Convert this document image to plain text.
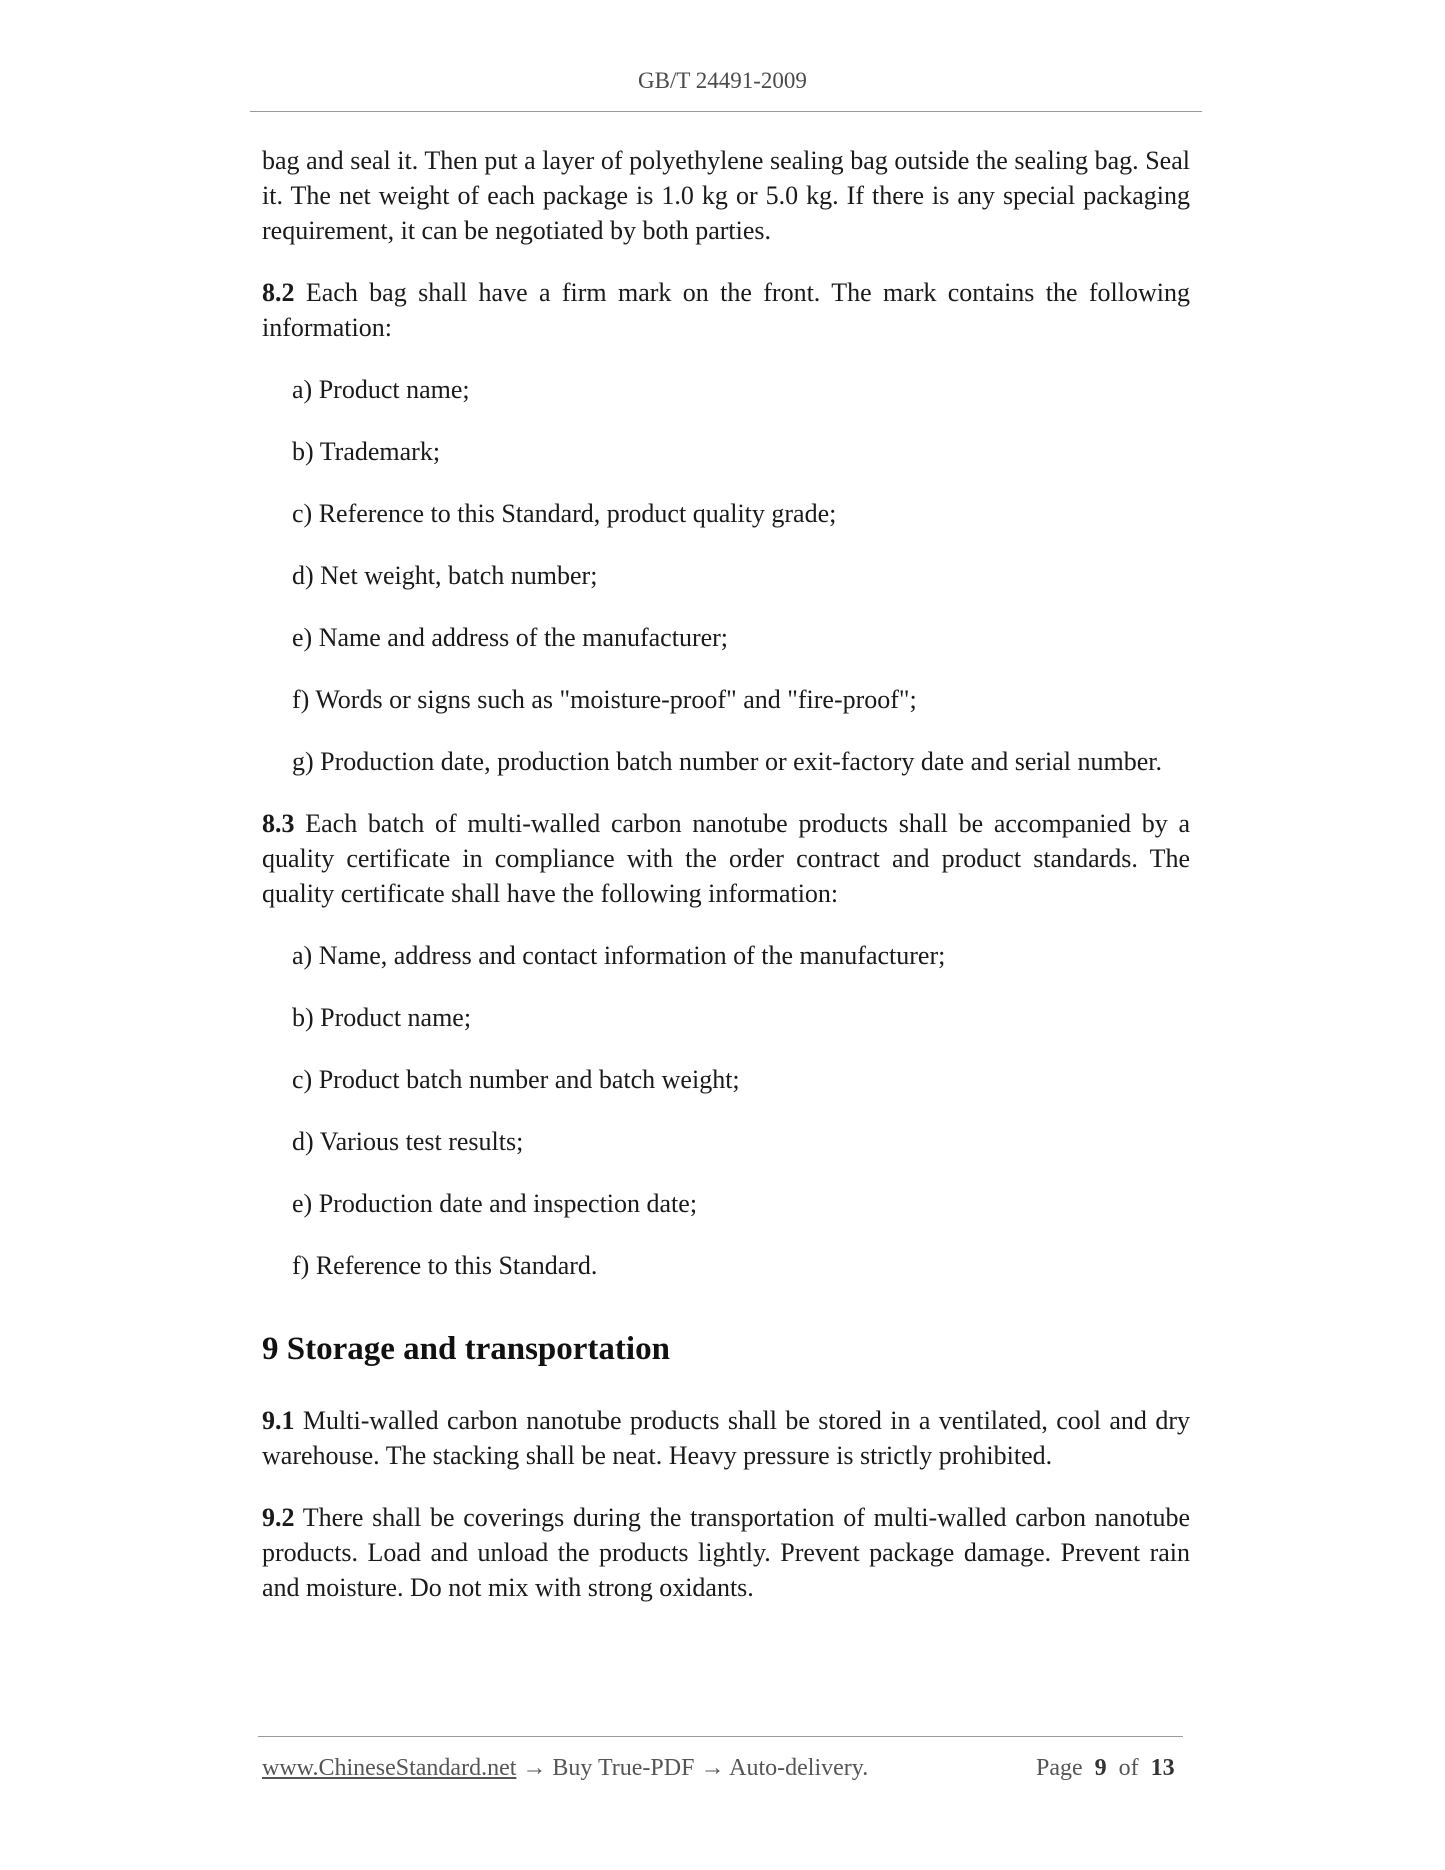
GB/T 24491-2009

bag and seal it. Then put a layer of polyethylene sealing bag outside the sealing bag. Seal it. The net weight of each package is 1.0 kg or 5.0 kg. If there is any special packaging requirement, it can be negotiated by both parties.

8.2 Each bag shall have a firm mark on the front. The mark contains the following information:

a) Product name;

b) Trademark;

c) Reference to this Standard, product quality grade;

d) Net weight, batch number;

e) Name and address of the manufacturer;

f) Words or signs such as "moisture-proof" and "fire-proof";

g) Production date, production batch number or exit-factory date and serial number.

8.3 Each batch of multi-walled carbon nanotube products shall be accompanied by a quality certificate in compliance with the order contract and product standards. The quality certificate shall have the following information:

a) Name, address and contact information of the manufacturer;

b) Product name;

c) Product batch number and batch weight;

d) Various test results;

e) Production date and inspection date;

f) Reference to this Standard.

9 Storage and transportation

9.1 Multi-walled carbon nanotube products shall be stored in a ventilated, cool and dry warehouse. The stacking shall be neat. Heavy pressure is strictly prohibited.

9.2 There shall be coverings during the transportation of multi-walled carbon nanotube products. Load and unload the products lightly. Prevent package damage. Prevent rain and moisture. Do not mix with strong oxidants.

www.ChineseStandard.net → Buy True-PDF → Auto-delivery.	Page 9 of 13
